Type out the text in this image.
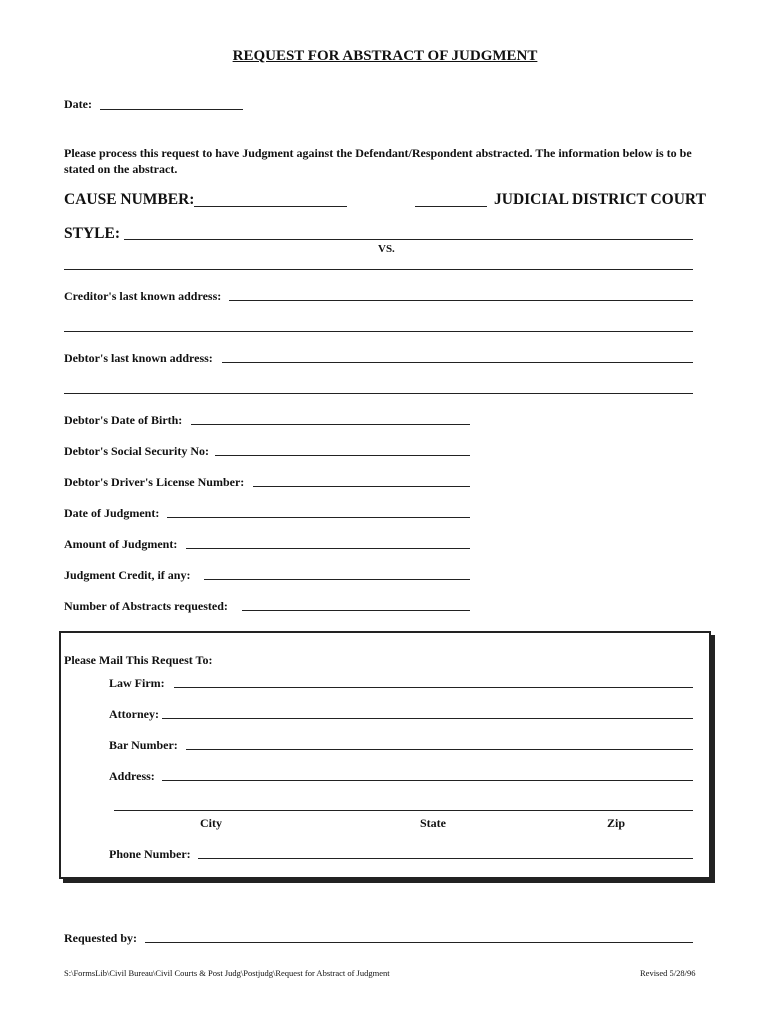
REQUEST FOR ABSTRACT OF JUDGMENT
Date:
Please process this request to have Judgment against the Defendant/Respondent abstracted. The information below is to be stated on the abstract.
CAUSE NUMBER:	JUDICIAL DISTRICT COURT
STYLE:
VS.
Creditor's last known address:
Debtor's last known address:
Debtor's Date of Birth:
Debtor's Social Security No:
Debtor's Driver's License Number:
Date of Judgment:
Amount of Judgment:
Judgment Credit, if any:
Number of Abstracts requested:
Please Mail This Request To:
Law Firm:
Attorney:
Bar Number:
Address:
City	State	Zip
Phone Number:
Requested by:
S:\FormsLib\Civil Bureau\Civil Courts & Post Judg\Postjudg\Request for Abstract of Judgment	Revised 5/28/96
